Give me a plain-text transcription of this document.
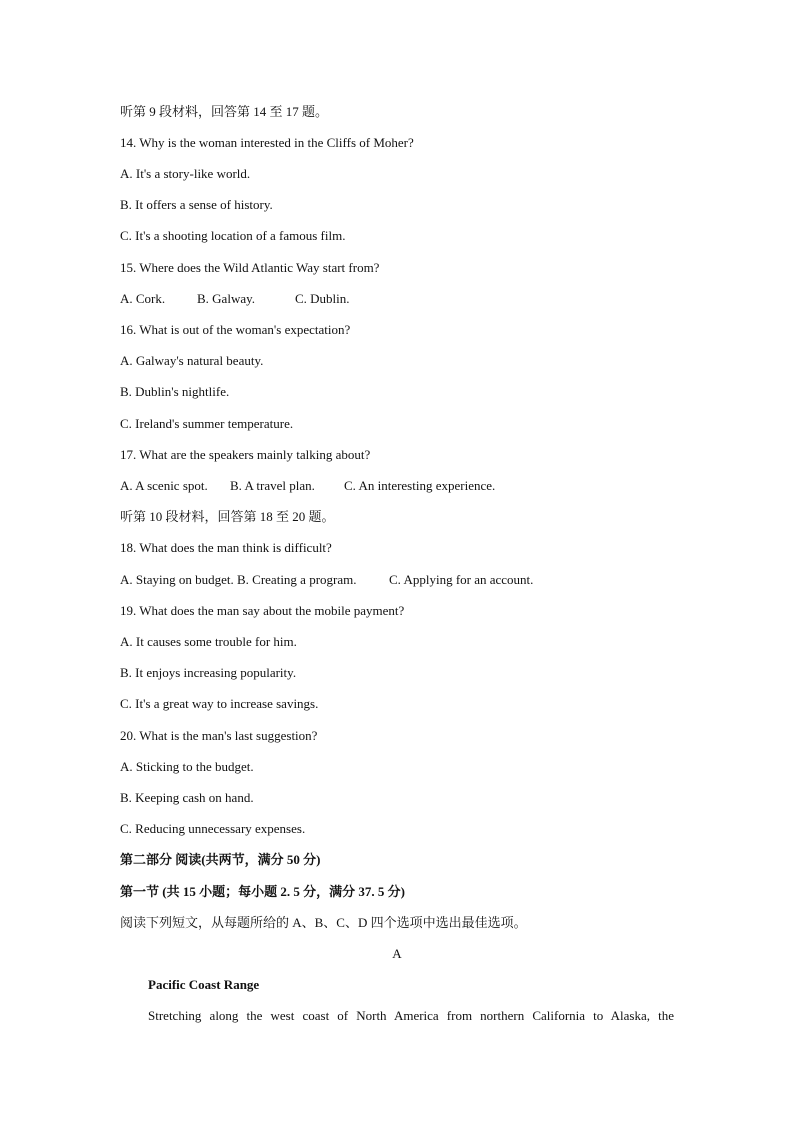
听第 9 段材料，回答第 14 至 17 题。
14. Why is the woman interested in the Cliffs of Moher?
A. It's a story-like world.
B. It offers a sense of history.
C. It's a shooting location of a famous film.
15. Where does the Wild Atlantic Way start from?
A. Cork. B. Galway.	C. Dublin.
16. What is out of the woman's expectation?
A. Galway's natural beauty.
B. Dublin's nightlife.
C. Ireland's summer temperature.
17. What are the speakers mainly talking about?
A. A scenic spot. B. A travel plan. C. An interesting experience.
听第 10 段材料，回答第 18 至 20 题。
18. What does the man think is difficult?
A. Staying on budget. B. Creating a program.	C. Applying for an account.
19. What does the man say about the mobile payment?
A. It causes some trouble for him.
B. It enjoys increasing popularity.
C. It's a great way to increase savings.
20. What is the man's last suggestion?
A. Sticking to the budget.
B. Keeping cash on hand.
C. Reducing unnecessary expenses.
第二部分 阅读(共两节，满分 50 分)
第一节 (共 15 小题；每小题 2. 5 分，满分 37. 5 分)
阅读下列短文，从每题所给的 A、B、C、D 四个选项中选出最佳选项。
A
Pacific Coast Range
Stretching along the west coast of North America from northern California to Alaska, the
